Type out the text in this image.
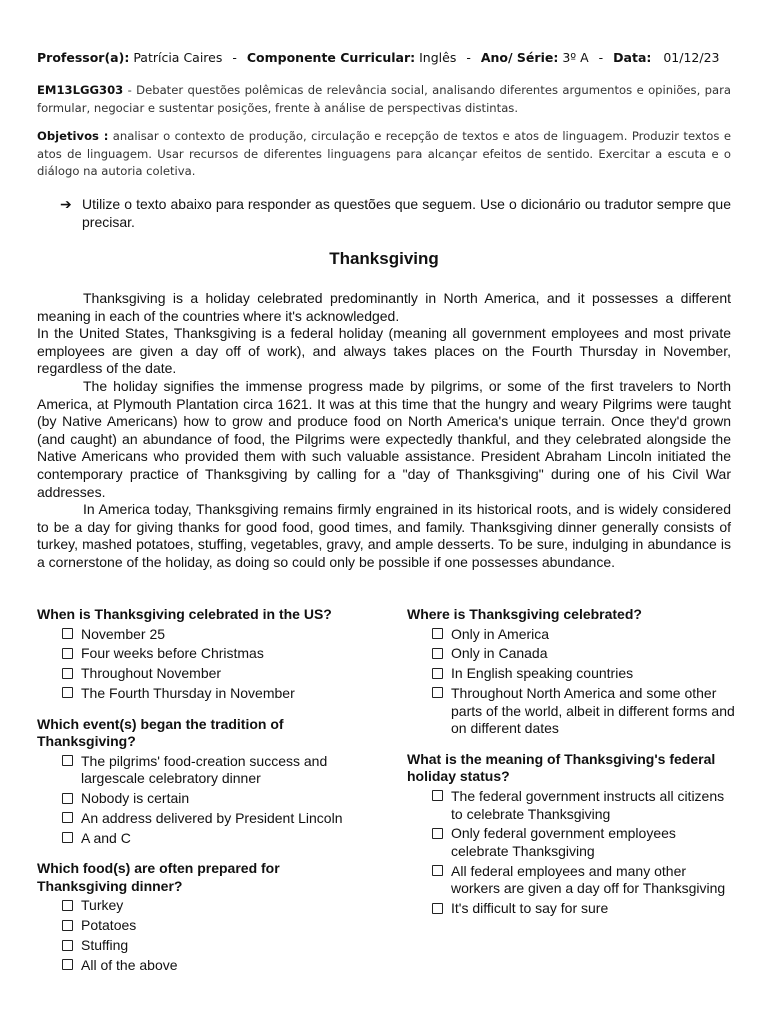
Professor(a): Patrícia Caires - Componente Curricular: Inglês - Ano/ Série: 3º A - Data: 01/12/23
EM13LGG303 - Debater questões polêmicas de relevância social, analisando diferentes argumentos e opiniões, para formular, negociar e sustentar posições, frente à análise de perspectivas distintas.
Objetivos : analisar o contexto de produção, circulação e recepção de textos e atos de linguagem. Produzir textos e atos de linguagem. Usar recursos de diferentes linguagens para alcançar efeitos de sentido. Exercitar a escuta e o diálogo na autoria coletiva.
➔ Utilize o texto abaixo para responder as questões que seguem. Use o dicionário ou tradutor sempre que precisar.
Thanksgiving

Thanksgiving is a holiday celebrated predominantly in North America, and it possesses a different meaning in each of the countries where it's acknowledged.

In the United States, Thanksgiving is a federal holiday (meaning all government employees and most private employees are given a day off of work), and always takes places on the Fourth Thursday in November, regardless of the date.

The holiday signifies the immense progress made by pilgrims, or some of the first travelers to North America, at Plymouth Plantation circa 1621. It was at this time that the hungry and weary Pilgrims were taught (by Native Americans) how to grow and produce food on North America's unique terrain. Once they'd grown (and caught) an abundance of food, the Pilgrims were expectedly thankful, and they celebrated alongside the Native Americans who provided them with such valuable assistance. President Abraham Lincoln initiated the contemporary practice of Thanksgiving by calling for a "day of Thanksgiving" during one of his Civil War addresses.

In America today, Thanksgiving remains firmly engrained in its historical roots, and is widely considered to be a day for giving thanks for good food, good times, and family. Thanksgiving dinner generally consists of turkey, mashed potatoes, stuffing, vegetables, gravy, and ample desserts. To be sure, indulging in abundance is a cornerstone of the holiday, as doing so could only be possible if one possesses abundance.

When is Thanksgiving celebrated in the US?
November 25
Four weeks before Christmas
Throughout November
The Fourth Thursday in November
Which event(s) began the tradition of Thanksgiving?
The pilgrims' food-creation success and largescale celebratory dinner
Nobody is certain
An address delivered by President Lincoln
A and C
Which food(s) are often prepared for Thanksgiving dinner?
Turkey
Potatoes
Stuffing
All of the above
Where is Thanksgiving celebrated?
Only in America
Only in Canada
In English speaking countries
Throughout North America and some other parts of the world, albeit in different forms and on different dates
What is the meaning of Thanksgiving's federal holiday status?
The federal government instructs all citizens to celebrate Thanksgiving
Only federal government employees celebrate Thanksgiving
All federal employees and many other workers are given a day off for Thanksgiving
It's difficult to say for sure
